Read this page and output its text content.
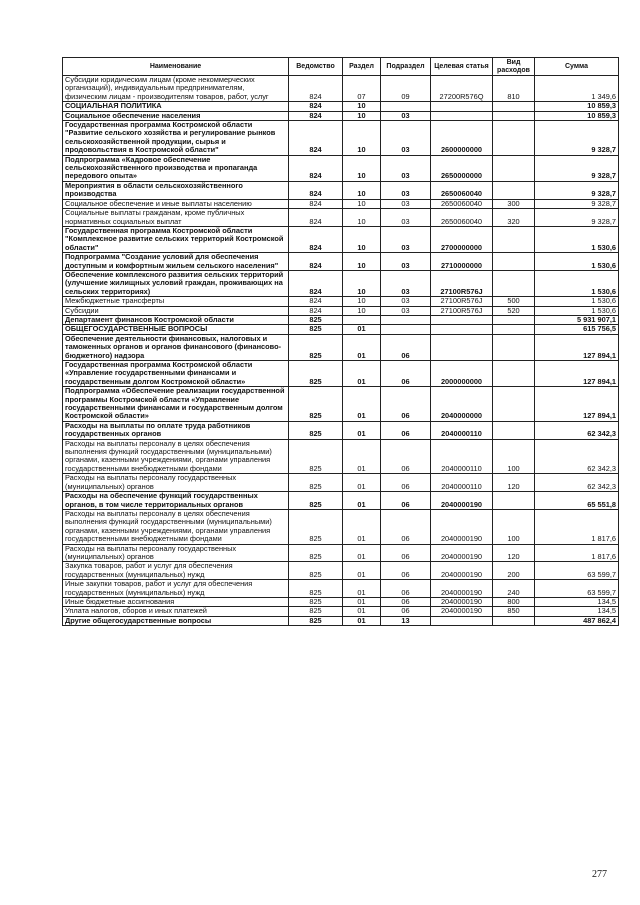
Наименование	Ведомство	Раздел	Подраздел	Целевая статья	Вид расходов	Сумма
Субсидии юридическим лицам (кроме некоммерческих организаций), индивидуальным предпринимателям, физическим лицам - производителям товаров, работ, услуг	824	07	09	27200R576Q	810	1 349,6
СОЦИАЛЬНАЯ ПОЛИТИКА	824	10				10 859,3
Социальное обеспечение населения	824	10	03			10 859,3
Государственная программа Костромской области "Развитие сельского хозяйства и регулирование рынков сельскохозяйственной продукции, сырья и продовольствия в Костромской области"	824	10	03	2600000000		9 328,7
Подпрограмма «Кадровое обеспечение сельскохозяйственного производства и пропаганда передового опыта»	824	10	03	2650000000		9 328,7
Мероприятия в области сельскохозяйственного производства	824	10	03	2650060040		9 328,7
Социальное обеспечение и иные выплаты населению	824	10	03	2650060040	300	9 328,7
Социальные выплаты гражданам, кроме публичных нормативных социальных выплат	824	10	03	2650060040	320	9 328,7
Государственная программа Костромской области "Комплексное развитие сельских территорий Костромской области"	824	10	03	2700000000		1 530,6
Подпрограмма "Создание условий для обеспечения доступным и комфортным жильем сельского населения"	824	10	03	2710000000		1 530,6
Обеспечение комплексного развития сельских территорий (улучшение жилищных условий граждан, проживающих на сельских территориях)	824	10	03	27100R576J		1 530,6
Межбюджетные трансферты	824	10	03	27100R576J	500	1 530,6
Субсидии	824	10	03	27100R576J	520	1 530,6
Департамент финансов Костромской области	825					5 931 907,1
ОБЩЕГОСУДАРСТВЕННЫЕ ВОПРОСЫ	825	01				615 756,5
Обеспечение деятельности финансовых, налоговых и таможенных органов и органов финансового (финансово-бюджетного) надзора	825	01	06			127 894,1
Государственная программа Костромской области «Управление государственными финансами и государственным долгом Костромской области»	825	01	06	2000000000		127 894,1
Подпрограмма «Обеспечение реализации государственной программы Костромской области «Управление государственными финансами и государственным долгом Костромской области»	825	01	06	2040000000		127 894,1
Расходы на выплаты по оплате труда работников государственных органов	825	01	06	2040000110		62 342,3
Расходы на выплаты персоналу в целях обеспечения выполнения функций государственными (муниципальными) органами, казенными учреждениями, органами управления государственными внебюджетными фондами	825	01	06	2040000110	100	62 342,3
Расходы на выплаты персоналу государственных (муниципальных) органов	825	01	06	2040000110	120	62 342,3
Расходы на обеспечение функций государственных органов, в том числе территориальных органов	825	01	06	2040000190		65 551,8
Расходы на выплаты персоналу в целях обеспечения выполнения функций государственными (муниципальными) органами, казенными учреждениями, органами управления государственными внебюджетными фондами	825	01	06	2040000190	100	1 817,6
Расходы на выплаты персоналу государственных (муниципальных) органов	825	01	06	2040000190	120	1 817,6
Закупка товаров, работ и услуг для обеспечения государственных (муниципальных) нужд	825	01	06	2040000190	200	63 599,7
Иные закупки товаров, работ и услуг для обеспечения государственных (муниципальных) нужд	825	01	06	2040000190	240	63 599,7
Иные бюджетные ассигнования	825	01	06	2040000190	800	134,5
Уплата налогов, сборов и иных платежей	825	01	06	2040000190	850	134,5
Другие общегосударственные вопросы	825	01	13			487 862,4
277
